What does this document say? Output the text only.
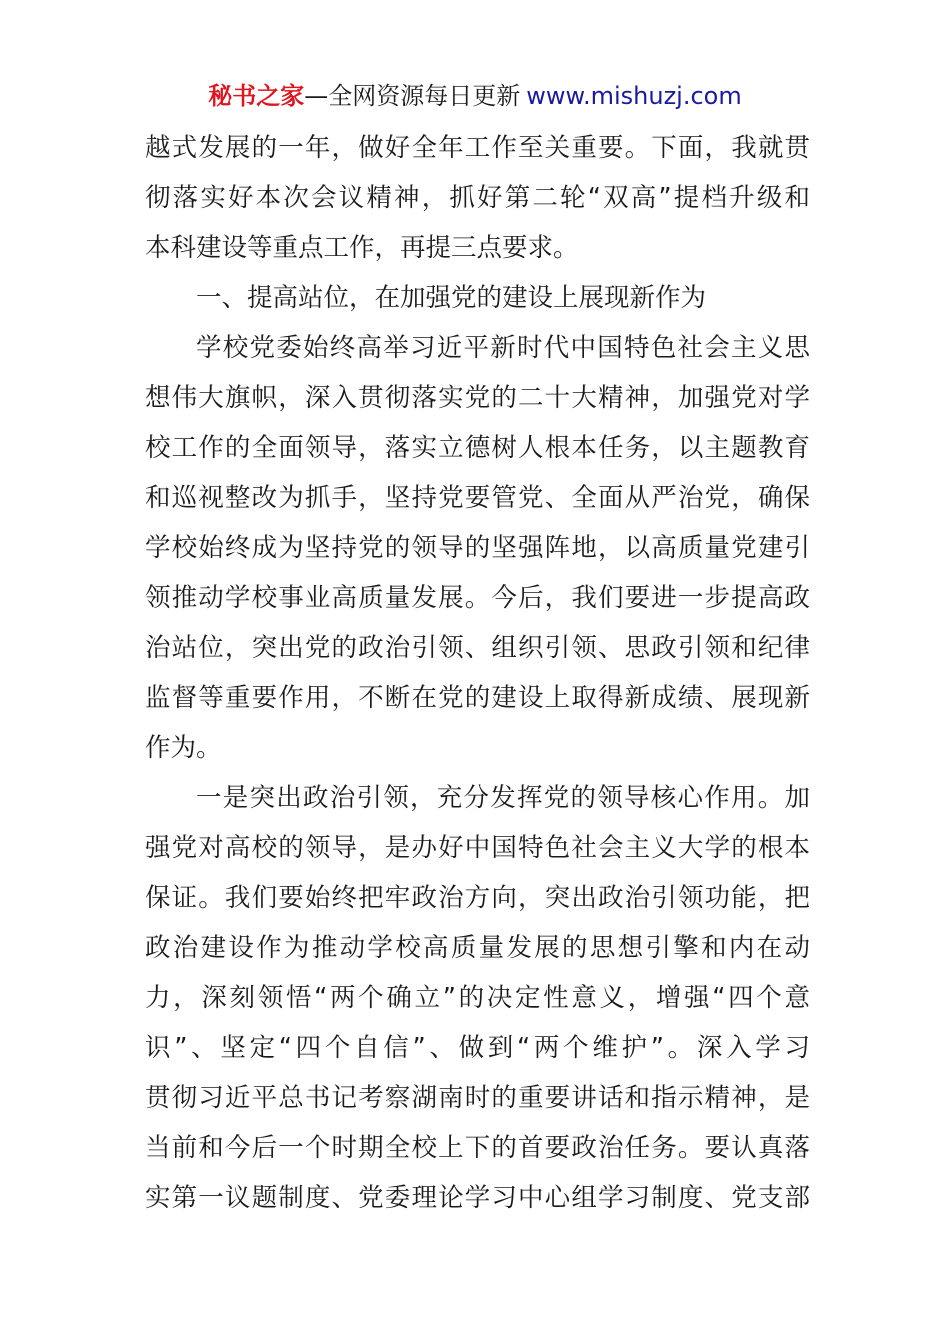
秘书之家—全网资源每日更新 www.mishuzj.com
越式发展的一年，做好全年工作至关重要。下面，我就贯
彻落实好本次会议精神，抓好第二轮“双高”提档升级和
本科建设等重点工作，再提三点要求。
一、提高站位，在加强党的建设上展现新作为
学校党委始终高举习近平新时代中国特色社会主义思
想伟大旗帜，深入贯彻落实党的二十大精神，加强党对学
校工作的全面领导，落实立德树人根本任务，以主题教育
和巡视整改为抓手，坚持党要管党、全面从严治党，确保
学校始终成为坚持党的领导的坚强阵地，以高质量党建引
领推动学校事业高质量发展。今后，我们要进一步提高政
治站位，突出党的政治引领、组织引领、思政引领和纪律
监督等重要作用，不断在党的建设上取得新成绩、展现新
作为。
一是突出政治引领，充分发挥党的领导核心作用。加
强党对高校的领导，是办好中国特色社会主义大学的根本
保证。我们要始终把牢政治方向，突出政治引领功能，把
政治建设作为推动学校高质量发展的思想引擎和内在动
力，深刻领悟“两个确立”的决定性意义，增强“四个意
识”、坚定“四个自信”、做到“两个维护”。深入学习
贯彻习近平总书记考察湖南时的重要讲话和指示精神，是
当前和今后一个时期全校上下的首要政治任务。要认真落
实第一议题制度、党委理论学习中心组学习制度、党支部
